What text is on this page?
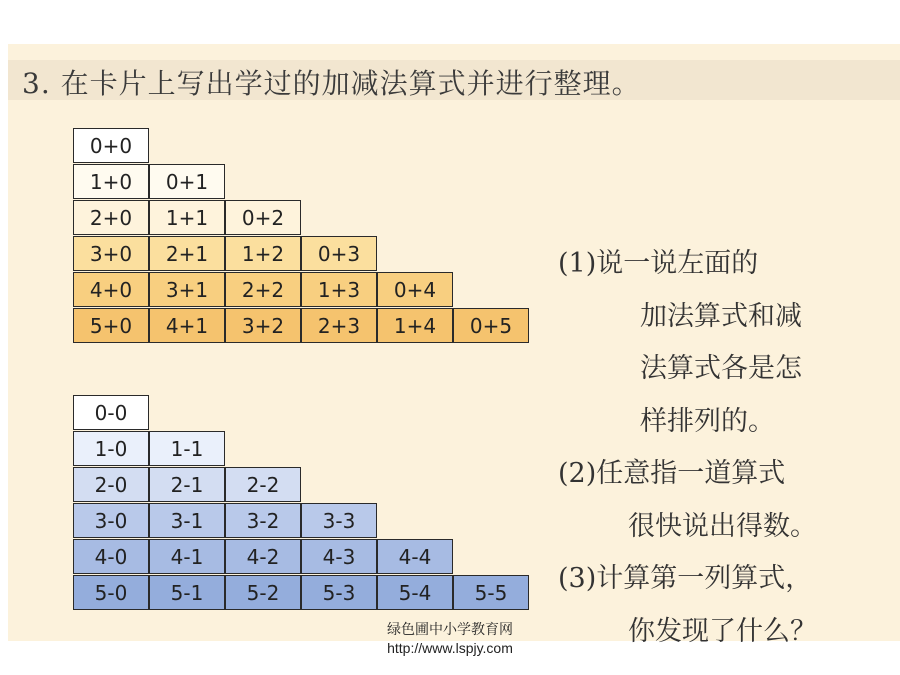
3. 在卡片上写出学过的加减法算式并进行整理。
0+0
1+0	0+1
2+0	1+1	0+2
3+0	2+1	1+2	0+3
4+0	3+1	2+2	1+3	0+4
5+0	4+1	3+2	2+3	1+4	0+5
0-0
1-0	1-1
2-0	2-1	2-2
3-0	3-1	3-2	3-3
4-0	4-1	4-2	4-3	4-4
5-0	5-1	5-2	5-3	5-4	5-5
(1)说一说左面的
加法算式和减
法算式各是怎
样排列的。
(2)任意指一道算式
很快说出得数。
(3)计算第一列算式，
你发现了什么？
绿色圃中小学教育网
http://www.lspjy.com
